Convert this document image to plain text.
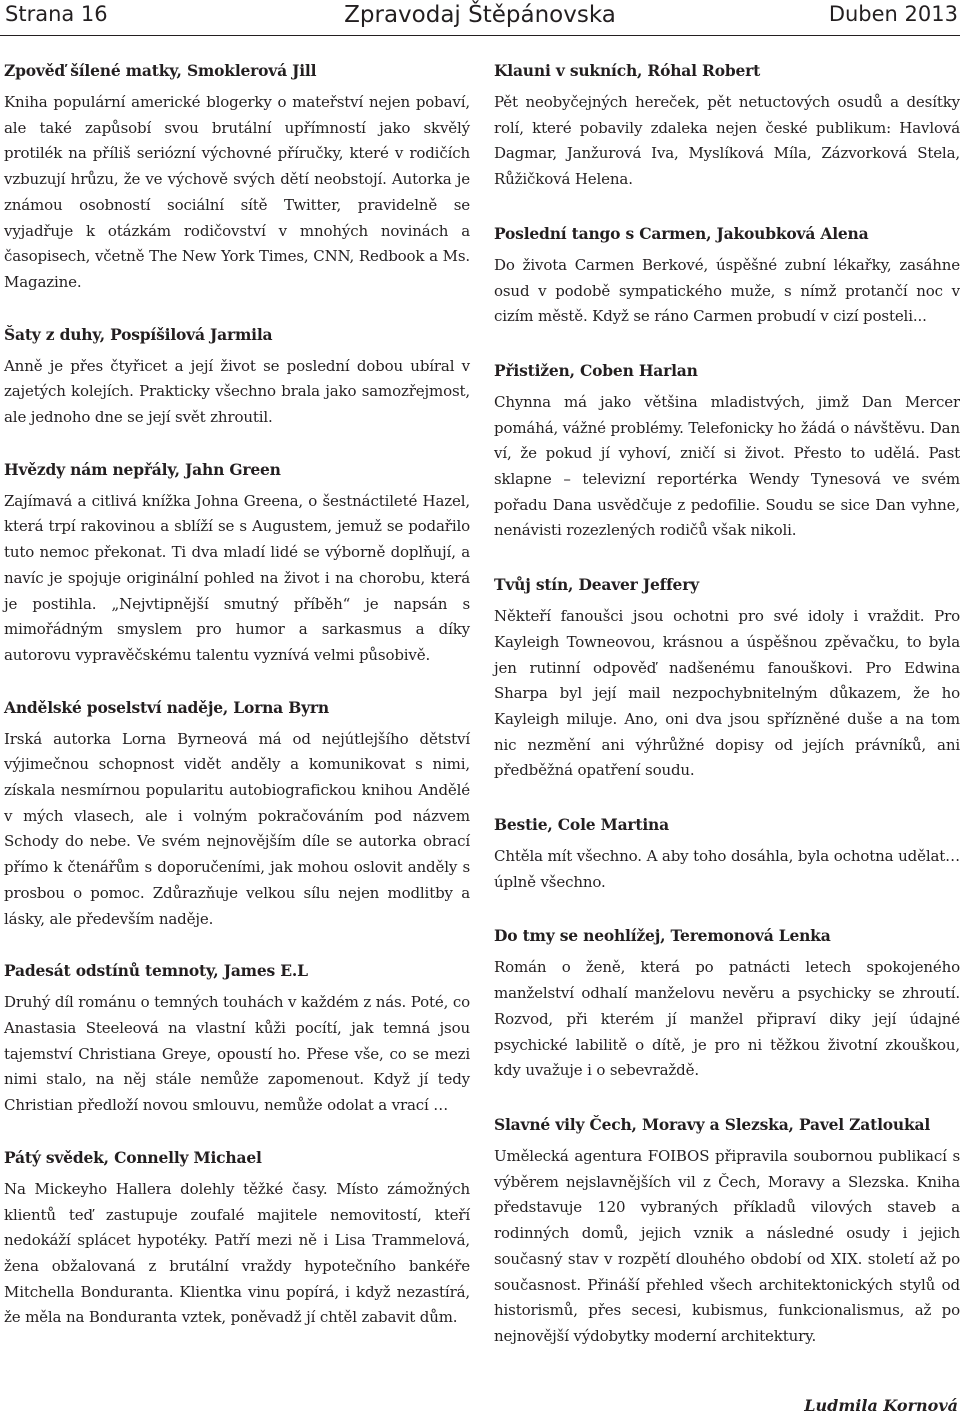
Strana 16	Zpravodaj Štěpánovska	Duben 2013
Zpověď šílené matky, Smoklerová Jill

Kniha populární americké blogerky o mateřství nejen pobaví, ale také zapůsobí svou brutální upřímností jako skvělý protilék na příliš seriózní výchovné příručky, které v rodičích vzbuzují hrůzu, že ve výchově svých dětí neobstojí. Autorka je známou osobností sociální sítě Twitter, pravidelně se vyjadřuje k otázkám rodičovství v mnohých novinách a časopisech, včetně The New York Times, CNN, Redbook a Ms. Magazine.

Šaty z duhy, Pospíšilová Jarmila

Anně je přes čtyřicet a její život se poslední dobou ubíral v zajetých kolejích. Prakticky všechno brala jako samozřejmost, ale jednoho dne se její svět zhroutil.

Hvězdy nám nepřály, Jahn Green

Zajímavá a citlivá knížka Johna Greena, o šestnáctileté Hazel, která trpí rakovinou a sblíží se s Augustem, jemuž se podařilo tuto nemoc překonat. Ti dva mladí lidé se výborně doplňují, a navíc je spojuje originální pohled na život i na chorobu, která je postihla. „Nejvtipnější smutný příběh“ je napsán s mimořádným smyslem pro humor a sarkasmus a díky autorovu vypravěčskému talentu vyznívá velmi působivě.

Andělské poselství naděje, Lorna Byrn

Irská autorka Lorna Byrneová má od nejútlejšího dětství výjimečnou schopnost vidět anděly a komunikovat s nimi, získala nesmírnou popularitu autobiografickou knihou Andělé v mých vlasech, ale i volným pokračováním pod názvem Schody do nebe. Ve svém nejnovějším díle se autorka obrací přímo k čtenářům s doporučeními, jak mohou oslovit anděly s prosbou o pomoc. Zdůrazňuje velkou sílu nejen modlitby a lásky, ale především naděje.

Padesát odstínů temnoty, James E.L

Druhý díl románu o temných touhách v každém z nás. Poté, co Anastasia Steeleová na vlastní kůži pocítí, jak temná jsou tajemství Christiana Greye, opoustí ho. Přese vše, co se mezi nimi stalo, na něj stále nemůže zapomenout. Když jí tedy Christian předloží novou smlouvu, nemůže odolat a vrací …

Pátý svědek, Connelly Michael

Na Mickeyho Hallera dolehly těžké časy. Místo zámožných klientů teď zastupuje zoufalé majitele nemovitostí, kteří nedokáží splácet hypotéky. Patří mezi ně i Lisa Trammelová, žena obžalovaná z brutální vraždy hypotečního bankéře Mitchella Bonduranta. Klientka vinu popírá, i když nezastírá, že měla na Bonduranta vztek, poněvadž jí chtěl zabavit dům.

Klauni v sukních, Róhal Robert

Pět neobyčejných hereček, pět netuctových osudů a desítky rolí, které pobavily zdaleka nejen české publikum: Havlová Dagmar, Janžurová Iva, Myslíková Míla, Zázvorková Stela, Růžičková Helena.

Poslední tango s Carmen, Jakoubková Alena

Do života Carmen Berkové, úspěšné zubní lékařky, zasáhne osud v podobě sympatického muže, s nímž protančí noc v cizím městě. Když se ráno Carmen probudí v cizí posteli...

Přistižen, Coben Harlan

Chynna má jako většina mladistvých, jimž Dan Mercer pomáhá, vážné problémy. Telefonicky ho žádá o návštěvu. Dan ví, že pokud jí vyhoví, zničí si život. Přesto to udělá. Past sklapne – televizní reportérka Wendy Tynesová ve svém pořadu Dana usvědčuje z pedofilie. Soudu se sice Dan vyhne, nenávisti rozezlených rodičů však nikoli.

Tvůj stín, Deaver Jeffery

Někteří fanoušci jsou ochotni pro své idoly i vraždit. Pro Kayleigh Towneovou, krásnou a úspěšnou zpěvačku, to byla jen rutinní odpověď nadšenému fanouškovi. Pro Edwina Sharpa byl její mail nezpochybnitelným důkazem, že ho Kayleigh miluje. Ano, oni dva jsou spřízněné duše a na tom nic nezmění ani výhrůžné dopisy od jejích právníků, ani předběžná opatření soudu.

Bestie, Cole Martina

Chtěla mít všechno. A aby toho dosáhla, byla ochotna udělat… úplně všechno.

Do tmy se neohlížej, Teremonová Lenka

Román o ženě, která po patnácti letech spokojeného manželství odhalí manželovu nevěru a psychicky se zhroutí. Rozvod, při kterém jí manžel připraví diky její údajné psychické labilitě o dítě, je pro ni těžkou životní zkouškou, kdy uvažuje i o sebevraždě.

Slavné vily Čech, Moravy a Slezska, Pavel Zatloukal

Umělecká agentura FOIBOS připravila soubornou publikací s výběrem nejslavnějších vil z Čech, Moravy a Slezska. Kniha představuje 120 vybraných příkladů vilových staveb a rodinných domů, jejich vznik a následné osudy i jejich současný stav v rozpětí dlouhého období od XIX. století až po současnost. Přináší přehled všech architektonických stylů od historismů, přes secesi, kubismus, funkcionalismus, až po nejnovější výdobytky moderní architektury.

Ludmila Kornová
